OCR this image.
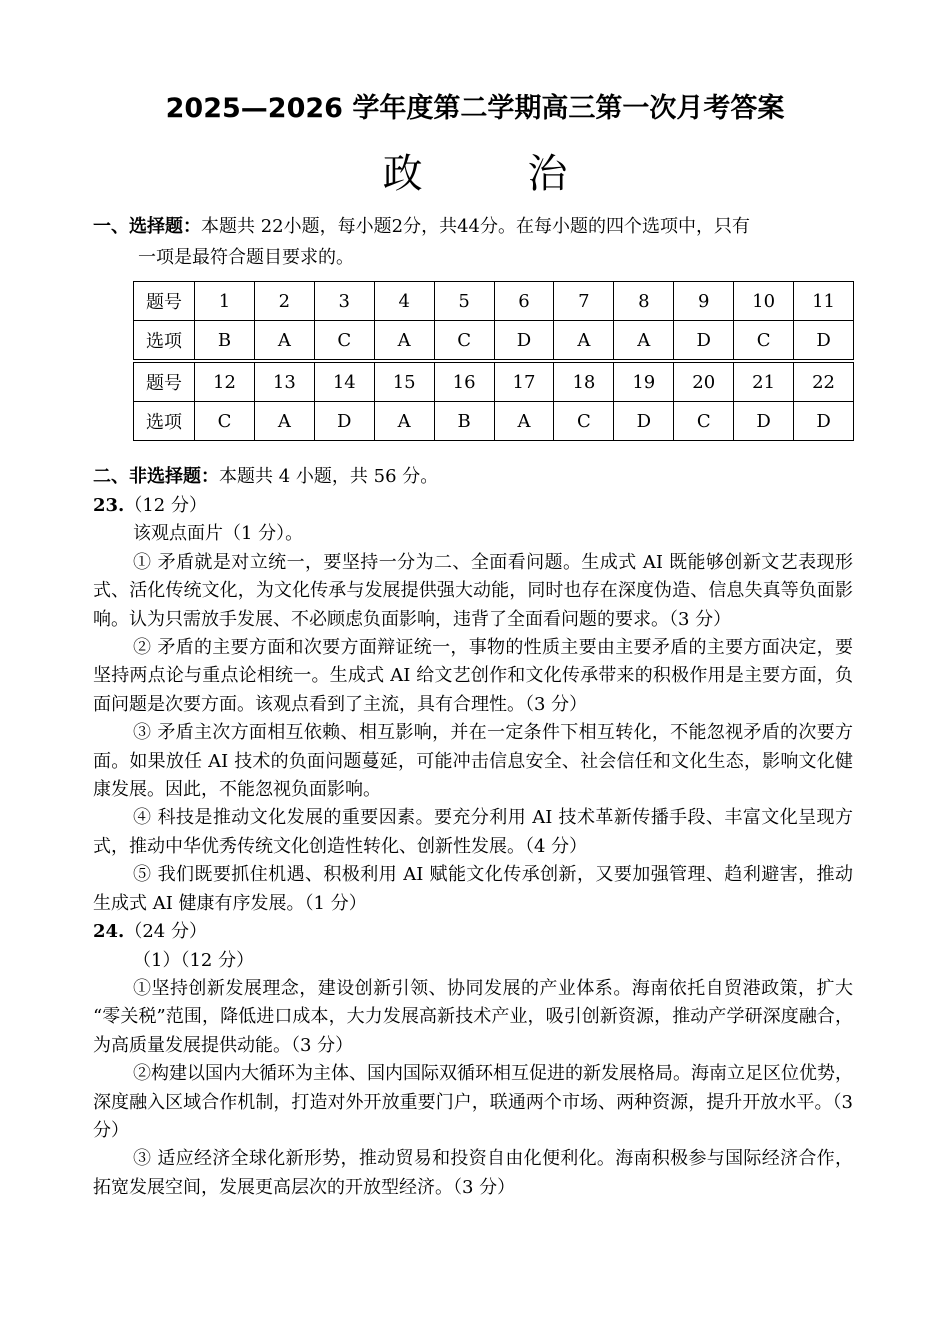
2025—2026 学年度第二学期高三第一次月考答案
政 治
一、选择题：本题共 22小题，每小题2分，共44分。在每小题的四个选项中，只有
一项是最符合题目要求的。
题号	1	2	3	4	5	6	7	8	9	10	11
选项	B	A	C	A	C	D	A	A	D	C	D
题号	12	13	14	15	16	17	18	19	20	21	22
选项	C	A	D	A	B	A	C	D	C	D	D
二、非选择题：本题共 4 小题，共 56 分。

23.（12 分）

该观点面片（1 分）。

① 矛盾就是对立统一，要坚持一分为二、全面看问题。生成式 AI 既能够创新文艺表现形式、活化传统文化，为文化传承与发展提供强大动能，同时也存在深度伪造、信息失真等负面影响。认为只需放手发展、不必顾虑负面影响，违背了全面看问题的要求。（3 分）

② 矛盾的主要方面和次要方面辩证统一，事物的性质主要由主要矛盾的主要方面决定，要坚持两点论与重点论相统一。生成式 AI 给文艺创作和文化传承带来的积极作用是主要方面，负面问题是次要方面。该观点看到了主流，具有合理性。（3 分）

③ 矛盾主次方面相互依赖、相互影响，并在一定条件下相互转化，不能忽视矛盾的次要方面。如果放任 AI 技术的负面问题蔓延，可能冲击信息安全、社会信任和文化生态，影响文化健康发展。因此，不能忽视负面影响。

④ 科技是推动文化发展的重要因素。要充分利用 AI 技术革新传播手段、丰富文化呈现方式，推动中华优秀传统文化创造性转化、创新性发展。（4 分）

⑤ 我们既要抓住机遇、积极利用 AI 赋能文化传承创新，又要加强管理、趋利避害，推动生成式 AI 健康有序发展。（1 分）

24.（24 分）

（1）（12 分）

①坚持创新发展理念，建设创新引领、协同发展的产业体系。海南依托自贸港政策，扩大 “零关税”范围，降低进口成本，大力发展高新技术产业，吸引创新资源，推动产学研深度融合，为高质量发展提供动能。（3 分）

②构建以国内大循环为主体、国内国际双循环相互促进的新发展格局。海南立足区位优势，深度融入区域合作机制，打造对外开放重要门户，联通两个市场、两种资源，提升开放水平。（3 分）

③ 适应经济全球化新形势，推动贸易和投资自由化便利化。海南积极参与国际经济合作，拓宽发展空间，发展更高层次的开放型经济。（3 分）
